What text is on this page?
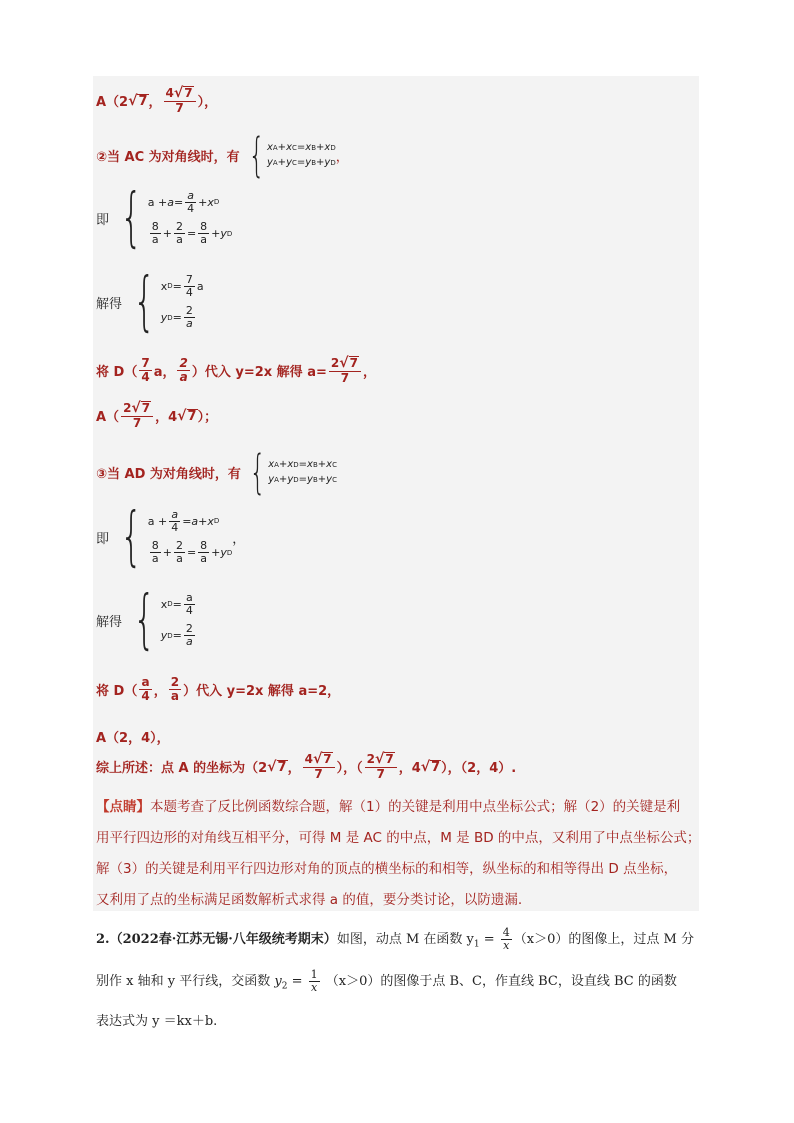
A（2 √ 7 ，
4√7
7 ），
②当 AC 为对角线时，有 { x A + x C = x B + x D
y A + y C = y B + y D ，
即 { a + a =
a
4 + x D
8
a +
2
a =
8
a + y D
解得 { x D =
7
4 a
y D =
2
a
将 D（
7
4 a，
2
a ）代入 y=2x 解得 $a= \frac{2√7}{7}$ ，
A（
2√7
7 ，4 √ 7 ）；
③当 AD 为对角线时，有 { x A + x D = x B + x C
y A + y D = y B + y C
即 { a +
a
4 = a + x D
8
a +
2
a =
8
a + y D
，
解得 { x D =
a
4
y D =
2
a
将 D（
a
4 ，
2
a ）代入 y=2x 解得 a=2，
A（2，4），
综上所述：点 A 的坐标为（2 √ 7 ，
4√7
7 ），（
2√7
7 ，4 √ 7 ），（2，4）.
【点睛】 本题考查了反比例函数综合题，解（1）的关键是利用中点坐标公式；解（2）的关键是利
用平行四边形的对角线互相平分，可得 M 是 AC 的中点，M 是 BD 的中点，又利用了中点坐标公式；
解（3）的关键是利用平行四边形对角的顶点的横坐标的和相等，纵坐标的和相等得出 D 点坐标，
又利用了点的坐标满足函数解析式求得 a 的值，要分类讨论，以防遗漏.
2.（2022春·江苏无锡·八年级统考期末）如图，动点 M 在函数 $y_1 = \frac{4}{x} (x>0)$的图像上，过点 M 分
别作 x 轴和 y 平行线，交函数 $y_2 = \frac{1}{x} (x>0)$的图像于点 B、C，作直线 BC，设直线 BC 的函数
表达式为 y ＝kx＋b.
